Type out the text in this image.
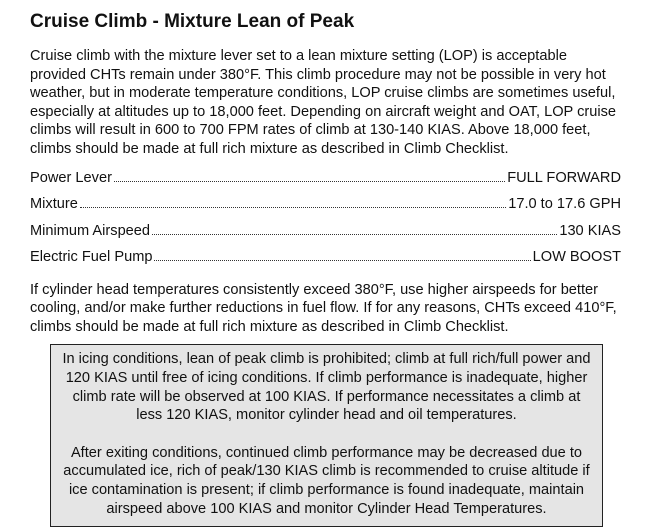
Cruise Climb - Mixture Lean of Peak

Cruise climb with the mixture lever set to a lean mixture setting (LOP) is acceptable provided CHTs remain under 380°F. This climb procedure may not be possible in very hot weather, but in moderate temperature conditions, LOP cruise climbs are sometimes useful, especially at altitudes up to 18,000 feet. Depending on aircraft weight and OAT, LOP cruise climbs will result in 600 to 700 FPM rates of climb at 130-140 KIAS. Above 18,000 feet, climbs should be made at full rich mixture as described in Climb Checklist.

Power Lever	FULL FORWARD
Mixture	17.0 to 17.6 GPH
Minimum Airspeed	130 KIAS
Electric Fuel Pump	LOW BOOST

If cylinder head temperatures consistently exceed 380°F, use higher airspeeds for better cooling, and/or make further reductions in fuel flow. If for any reasons, CHTs exceed 410°F, climbs should be made at full rich mixture as described in Climb Checklist.

In icing conditions, lean of peak climb is prohibited; climb at full rich/full power and 120 KIAS until free of icing conditions. If climb performance is inadequate, higher climb rate will be observed at 100 KIAS. If performance necessitates a climb at less 120 KIAS, monitor cylinder head and oil temperatures.

After exiting conditions, continued climb performance may be decreased due to accumulated ice, rich of peak/130 KIAS climb is recommended to cruise altitude if ice contamination is present; if climb performance is found inadequate, maintain airspeed above 100 KIAS and monitor Cylinder Head Temperatures.
